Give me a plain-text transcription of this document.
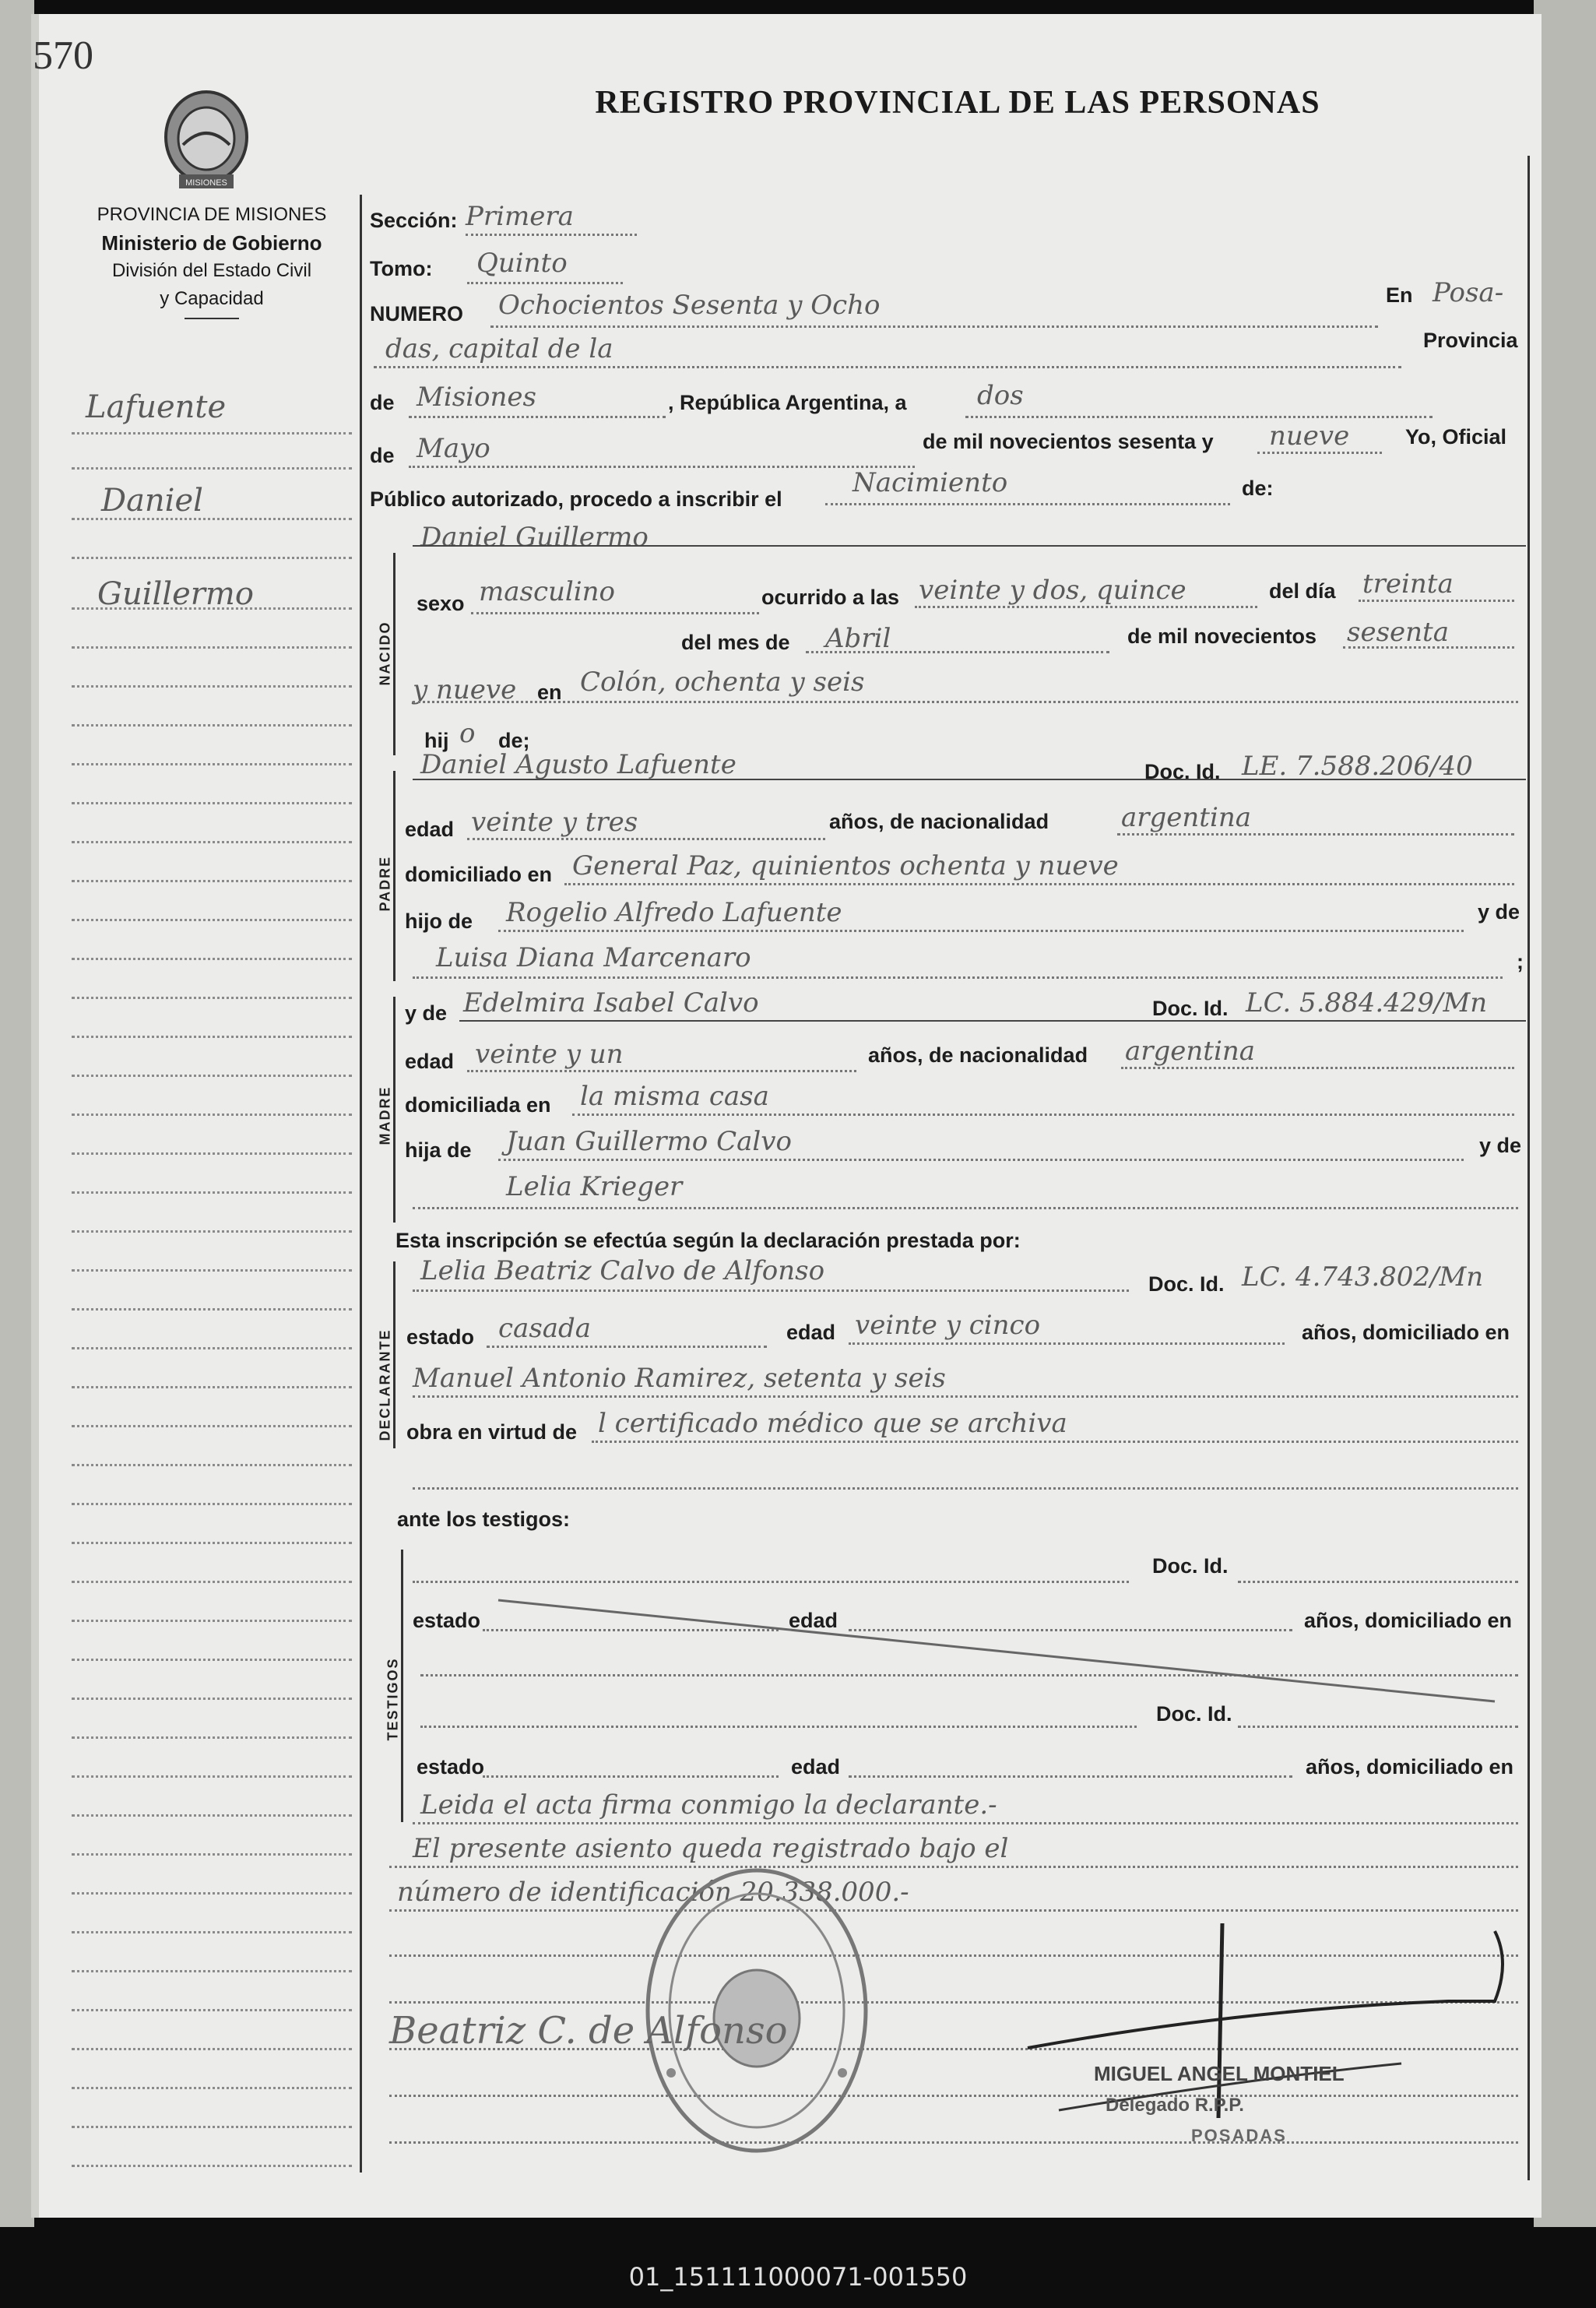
570
MISIONES
REGISTRO PROVINCIAL DE LAS PERSONAS
PROVINCIA DE MISIONES
Ministerio de Gobierno
División del Estado Civil
y Capacidad
Lafuente
Daniel
Guillermo
Sección: Primera
Tomo: Quinto
NUMERO Ochocientos Sesenta y Ocho	En Posa-
das, capital de la	Provincia
de Misiones	, República Argentina, a	dos
de Mayo	de mil novecientos sesenta y nueve	Yo, Oficial
Público autorizado, procedo a inscribir el
Nacimiento	de:
NACIDO
Daniel Guillermo
sexo masculino	ocurrido a las veinte y dos, quince	del día treinta
del mes de Abril	de mil novecientos sesenta
y nueve en Colón, ochenta y seis
hij o de;
PADRE
Daniel Agusto Lafuente	Doc. Id. LE. 7.588.206/40
edad veinte y tres	años, de nacionalidad	argentina
domiciliado en General Paz, quinientos ochenta y nueve
hijo de Rogelio Alfredo Lafuente	y de
Luisa Diana Marcenaro	;
MADRE
y de Edelmira Isabel Calvo	Doc. Id. LC. 5.884.429/Mn
edad veinte y un	años, de nacionalidad argentina
domiciliada en la misma casa
hija de Juan Guillermo Calvo	y de
Lelia Krieger
Esta inscripción se efectúa según la declaración prestada por:
DECLARANTE
Lelia Beatriz Calvo de Alfonso	Doc. Id. LC. 4.743.802/Mn
estado casada	edad veinte y cinco	años, domiciliado en
Manuel Antonio Ramirez, setenta y seis
obra en virtud de l certificado médico que se archiva
ante los testigos:
TESTIGOS
Doc. Id.
estado	edad	años, domiciliado en
Doc. Id.
estado	edad	años, domiciliado en
Leida el acta firma conmigo la declarante.-
El presente asiento queda registrado bajo el
número de identificación 20.338.000.-
Beatriz C. de Alfonso
MIGUEL ANGEL MONTIEL
Delegado R.P.P.
POSADAS
01_151111000071-001550
